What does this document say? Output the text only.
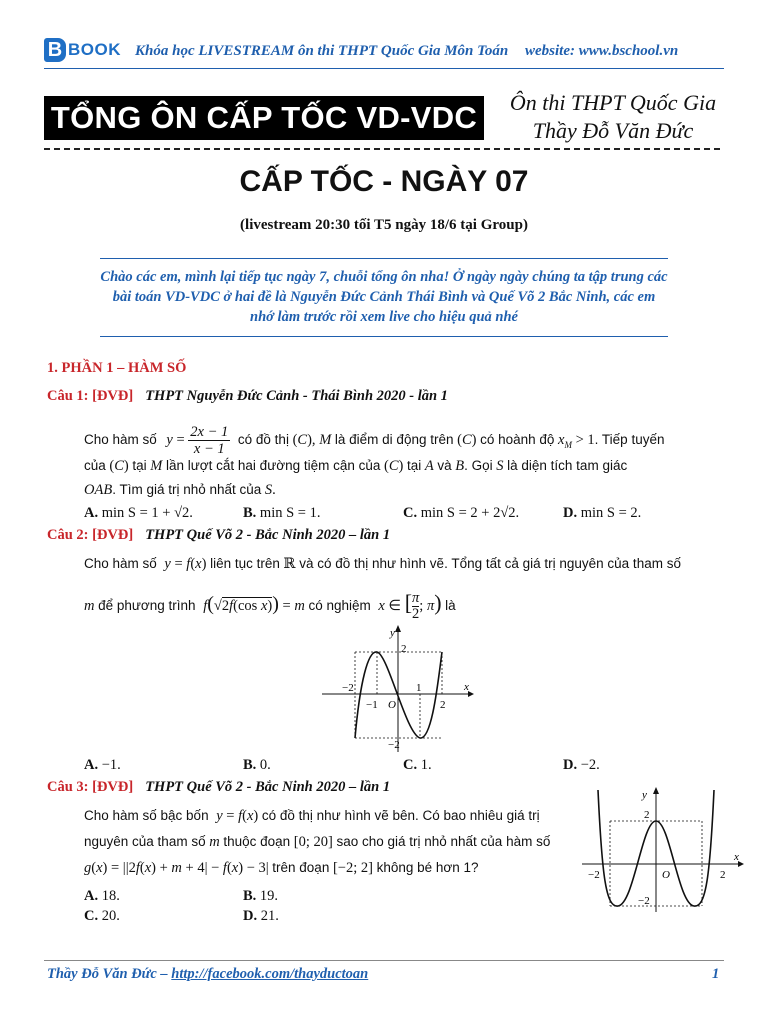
B BOOK Khóa học LIVESTREAM ôn thi THPT Quốc Gia Môn Toán website: www.bschool.vn
TỔNG ÔN CẤP TỐC VD-VDC	Ôn thi THPT Quốc Gia
Thầy Đỗ Văn Đức
CẤP TỐC - NGÀY 07
(livestream 20:30 tối T5 ngày 18/6 tại Group)
Chào các em, mình lại tiếp tục ngày 7, chuỗi tổng ôn nha! Ở ngày ngày chúng ta tập trung các bài toán VD-VDC ở hai đề là Nguyễn Đức Cảnh Thái Bình và Quế Võ 2 Bắc Ninh, các em nhớ làm trước rồi xem live cho hiệu quả nhé
1. PHẦN 1 – HÀM SỐ
Câu 1: [ĐVĐ] THPT Nguyễn Đức Cảnh - Thái Bình 2020 - lần 1
Cho hàm số $y = \frac{2x - 1}{x - 1}$ có đồ thị (C), M là điểm di động trên (C) có hoành độ $x_M > 1$. Tiếp tuyến
của (C) tại M lần lượt cắt hai đường tiệm cận của (C) tại A và B. Gọi S là diện tích tam giác
OAB. Tìm giá trị nhỏ nhất của S.
A. min S = 1 + √2.	B. min S = 1.	C. min S = 2 + 2√2.	D. min S = 2.
Câu 2: [ĐVĐ] THPT Quế Võ 2 - Bắc Ninh 2020 – lần 1
Cho hàm số y = f(x) liên tục trên ℝ và có đồ thị như hình vẽ. Tổng tất cả giá trị nguyên của tham số
m để phương trình f(√2f(cos x)) = m có nghiệm x ∈ [ $\frac{\pi}{2}$ ; π) là
y
x
O
−2
−1
1
2
2
−2
A. −1.	B. 0.	C. 1.	D. −2.
Câu 3: [ĐVĐ] THPT Quế Võ 2 - Bắc Ninh 2020 – lần 1
Cho hàm số bậc bốn y = f(x) có đồ thị như hình vẽ bên. Có bao nhiêu giá trị
nguyên của tham số m thuộc đoạn [0; 20] sao cho giá trị nhỏ nhất của hàm số
g(x) = ||2f(x) + m + 4| − f(x) − 3| trên đoạn [−2; 2] không bé hơn 1?
y
x
O
−2	2
2
−2
A. 18.	B. 19.
C. 20.	D. 21.
Thầy Đỗ Văn Đức – http://facebook.com/thayductoan	1
